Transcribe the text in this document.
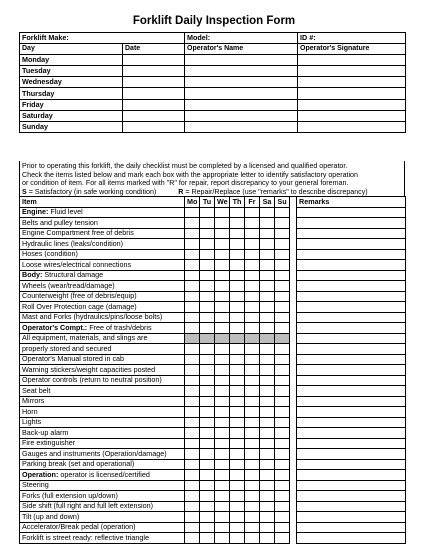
Forklift Daily Inspection Form
Forklift Make:		Model:	ID #:
Day	Date	Operator's Name	Operator's Signature
Monday			
Tuesday			
Wednesday			
Thursday			
Friday			
Saturday			
Sunday			
Prior to operating this forklift, the daily checklist must be completed by a licensed and qualified operator.
Check the items listed below and mark each box with the appropriate letter to identify satisfactory operation
or condition of item. For all items marked with "R" for repair, report discrepancy to your general foreman.
S = Satisfactory (in safe working condition)	R = Repair/Replace (use "remarks" to describe discrepancy)
Item	Mo	Tu	We	Th	Fr	Sa	Su		Remarks
Engine: Fluid level									
Belts and pulley tension									
Engine Compartment free of debris									
Hydraulic lines (leaks/condition)									
Hoses (condition)									
Loose wires/electrical connections									
Body: Structural damage									
Wheels (wear/tread/damage)									
Counterweight (free of debris/equip)									
Roll Over Protection cage (damage)									
Mast and Forks (hydraulics/pins/loose bolts)									
Operator's Compt.: Free of trash/debris									
All equipment, materials, and slings are									
properly stored and secured									
Operator's Manual stored in cab									
Warning stickers/weight capacities posted									
Operator controls (return to neutral position)									
Seat belt									
Mirrors									
Horn									
Lights									
Back-up alarm									
Fire extinguisher									
Gauges and instruments (Operation/damage)									
Parking break (set and operational)									
Operation: operator is licensed/certified									
Steering									
Forks (full extension up/down)									
Side shift (full right and full left extension)									
Tilt (up and down)									
Accelerator/Break pedal (operation)									
Forklift is street ready: reflective triangle									
